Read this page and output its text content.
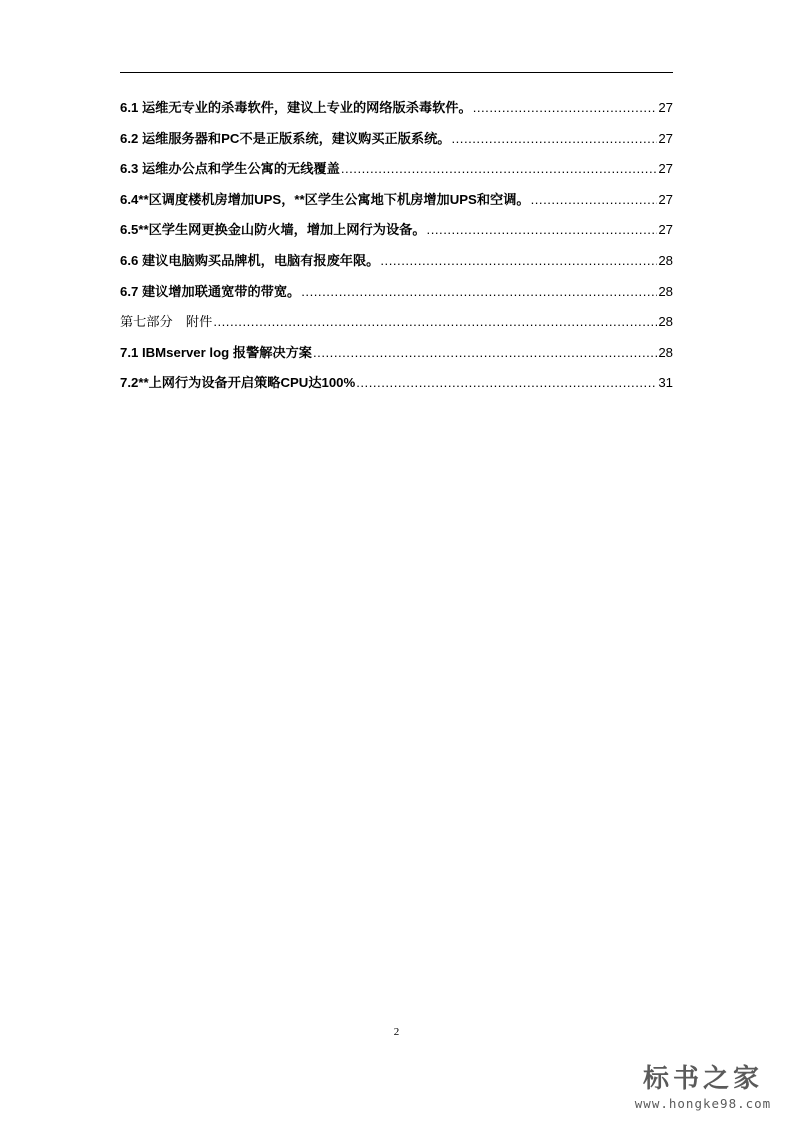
6.1 运维无专业的杀毒软件，建议上专业的网络版杀毒软件。 .....	27
6.2 运维服务器和PC不是正版系统，建议购买正版系统。 .....	27
6.3 运维办公点和学生公寓的无线覆盖 .....	27
6.4**区调度楼机房增加UPS，**区学生公寓地下机房增加UPS和空调。 .....	27
6.5**区学生网更换金山防火墙，增加上网行为设备。 .....	27
6.6 建议电脑购买品牌机，电脑有报废年限。 .....	28
6.7 建议增加联通宽带的带宽。 .....	28
第七部分　附件 .....	28
7.1 IBMserver log 报警解决方案 .....	28
7.2**上网行为设备开启策略CPU达100% .....	31
2
标书之家
www.hongke98.com
